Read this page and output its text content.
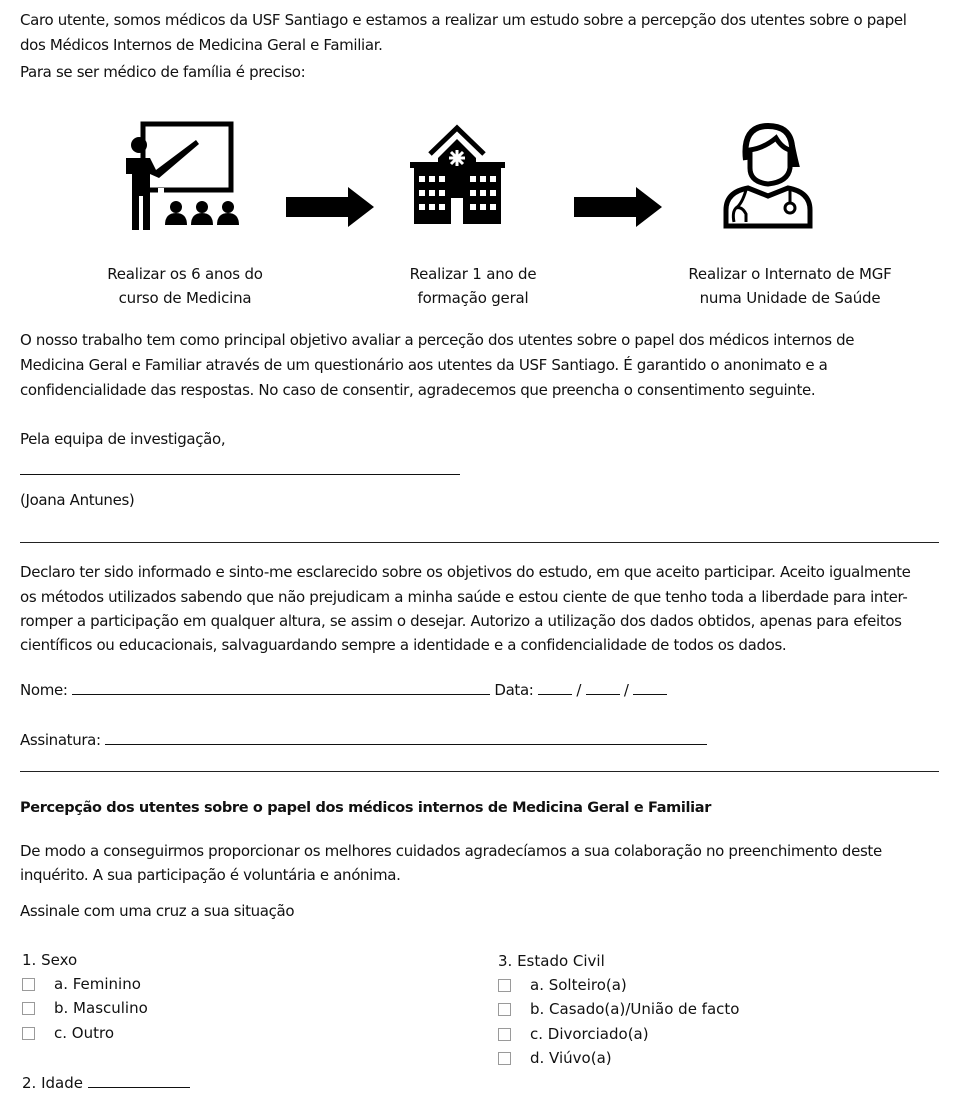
Caro utente, somos médicos da USF Santiago e estamos a realizar um estudo sobre a percepção dos utentes sobre o papel
dos Médicos Internos de Medicina Geral e Familiar.
Para se ser médico de família é preciso:
Realizar os 6 anos do
curso de Medicina
Realizar 1 ano de
formação geral
Realizar o Internato de MGF
numa Unidade de Saúde
O nosso trabalho tem como principal objetivo avaliar a perceção dos utentes sobre o papel dos médicos internos de
Medicina Geral e Familiar através de um questionário aos utentes da USF Santiago. É garantido o anonimato e a
confidencialidade das respostas. No caso de consentir, agradecemos que preencha o consentimento seguinte.
Pela equipa de investigação,
(Joana Antunes)
Declaro ter sido informado e sinto-me esclarecido sobre os objetivos do estudo, em que aceito participar. Aceito igualmente
os métodos utilizados sabendo que não prejudicam a minha saúde e estou ciente de que tenho toda a liberdade para inter-
romper a participação em qualquer altura, se assim o desejar. Autorizo a utilização dos dados obtidos, apenas para efeitos
científicos ou educacionais, salvaguardando sempre a identidade e a confidencialidade de todos os dados.
Nome:	Data:	/	/
Assinatura:
Percepção dos utentes sobre o papel dos médicos internos de Medicina Geral e Familiar
De modo a conseguirmos proporcionar os melhores cuidados agradecíamos a sua colaboração no preenchimento deste
inquérito. A sua participação é voluntária e anónima.
Assinale com uma cruz a sua situação
1. Sexo
a. Feminino
b. Masculino
c. Outro
2. Idade
3. Estado Civil
a. Solteiro(a)
b. Casado(a)/União de facto
c. Divorciado(a)
d. Viúvo(a)
